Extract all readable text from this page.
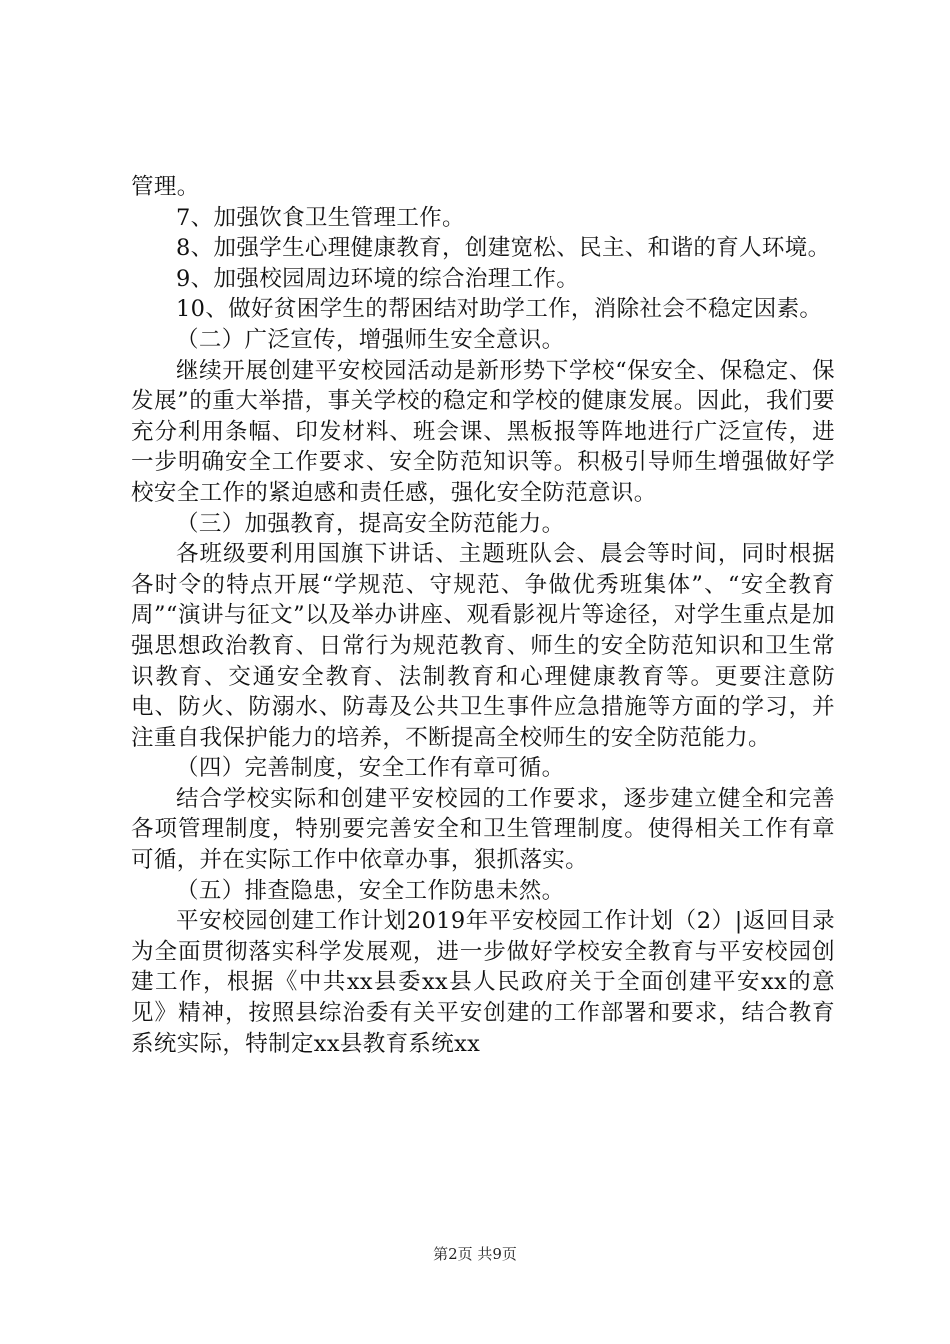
管理。

7、加强饮食卫生管理工作。

8、加强学生心理健康教育，创建宽松、民主、和谐的育人环境。

9、加强校园周边环境的综合治理工作。

10、做好贫困学生的帮困结对助学工作，消除社会不稳定因素。

（二）广泛宣传，增强师生安全意识。

继续开展创建平安校园活动是新形势下学校“保安全、保稳定、保发展”的重大举措，事关学校的稳定和学校的健康发展。因此，我们要充分利用条幅、印发材料、班会课、黑板报等阵地进行广泛宣传，进一步明确安全工作要求、安全防范知识等。积极引导师生增强做好学校安全工作的紧迫感和责任感，强化安全防范意识。

（三）加强教育，提高安全防范能力。

各班级要利用国旗下讲话、主题班队会、晨会等时间，同时根据各时令的特点开展“学规范、守规范、争做优秀班集体”、“安全教育周”“演讲与征文”以及举办讲座、观看影视片等途径，对学生重点是加强思想政治教育、日常行为规范教育、师生的安全防范知识和卫生常识教育、交通安全教育、法制教育和心理健康教育等。更要注意防电、防火、防溺水、防毒及公共卫生事件应急措施等方面的学习，并注重自我保护能力的培养，不断提高全校师生的安全防范能力。

（四）完善制度，安全工作有章可循。

结合学校实际和创建平安校园的工作要求，逐步建立健全和完善各项管理制度，特别要完善安全和卫生管理制度。使得相关工作有章可循，并在实际工作中依章办事，狠抓落实。

（五）排查隐患，安全工作防患未然。

平安校园创建工作计划2019年平安校园工作计划（2）|返回目录为全面贯彻落实科学发展观，进一步做好学校安全教育与平安校园创建工作，根据《中共xx县委xx县人民政府关于全面创建平安xx的意见》精神，按照县综治委有关平安创建的工作部署和要求，结合教育系统实际，特制定xx县教育系统xx

第2页 共9页
